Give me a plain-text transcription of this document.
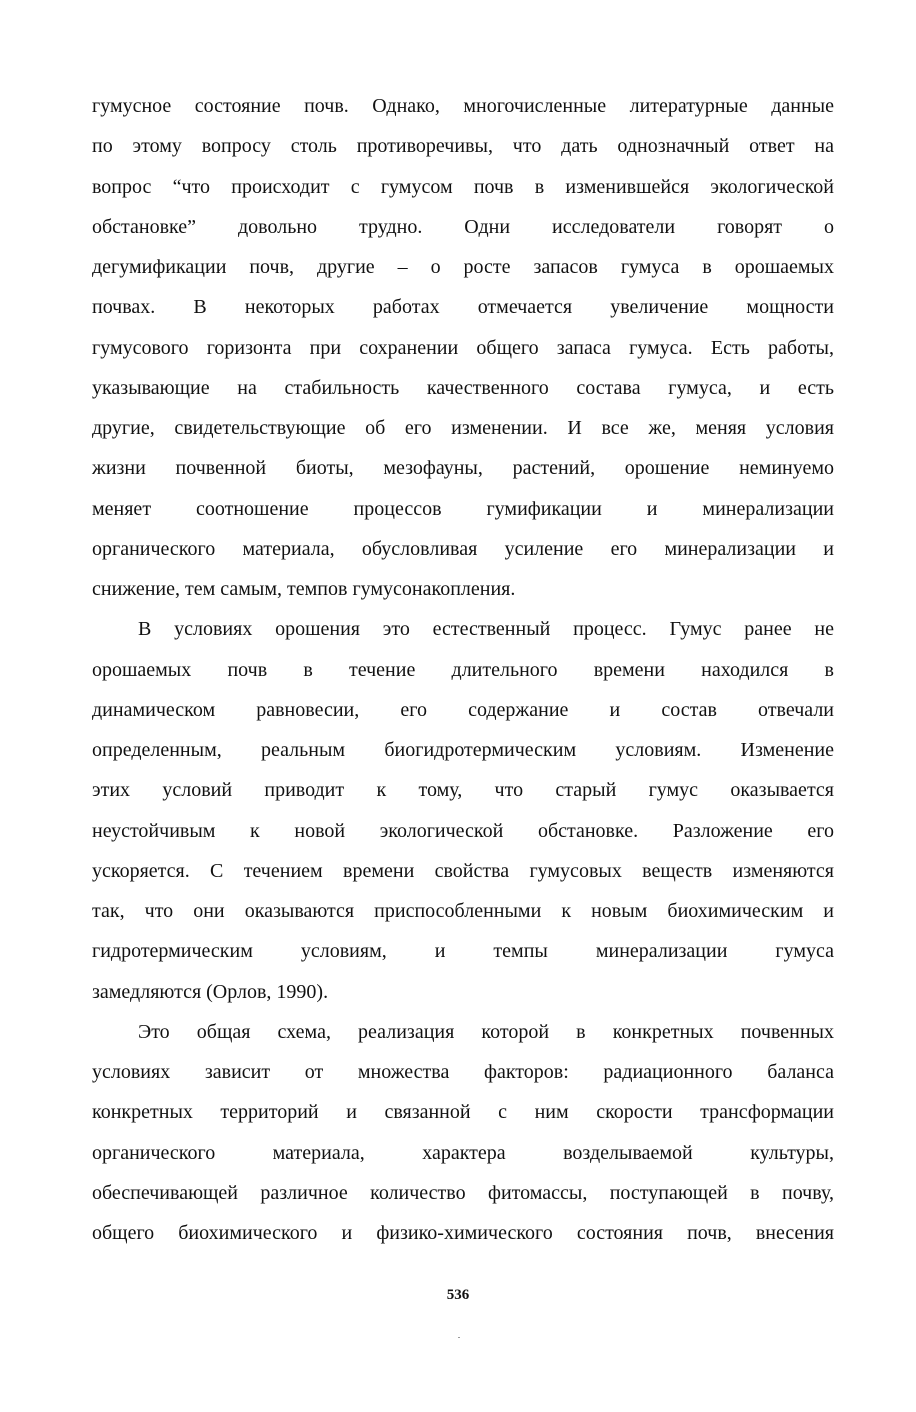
гумусное состояние почв. Однако, многочисленные литературные данные
по этому вопросу столь противоречивы, что дать однозначный ответ на
вопрос “что происходит с гумусом почв в изменившейся экологической
обстановке” довольно трудно. Одни исследователи говорят о
дегумификации почв, другие – о росте запасов гумуса в орошаемых
почвах. В некоторых работах отмечается увеличение мощности
гумусового горизонта при сохранении общего запаса гумуса. Есть работы,
указывающие на стабильность качественного состава гумуса, и есть
другие, свидетельствующие об его изменении. И все же, меняя условия
жизни почвенной биоты, мезофауны, растений, орошение неминуемо
меняет соотношение процессов гумификации и минерализации
органического материала, обусловливая усиление его минерализации и
снижение, тем самым, темпов гумусонакопления.

В условиях орошения это естественный процесс. Гумус ранее не
орошаемых почв в течение длительного времени находился в
динамическом равновесии, его содержание и состав отвечали
определенным, реальным биогидротермическим условиям. Изменение
этих условий приводит к тому, что старый гумус оказывается
неустойчивым к новой экологической обстановке. Разложение его
ускоряется. С течением времени свойства гумусовых веществ изменяются
так, что они оказываются приспособленными к новым биохимическим и
гидротермическим условиям, и темпы минерализации гумуса
замедляются (Орлов, 1990).

Это общая схема, реализация которой в конкретных почвенных
условиях зависит от множества факторов: радиационного баланса
конкретных территорий и связанной с ним скорости трансформации
органического материала, характера возделываемой культуры,
обеспечивающей различное количество фитомассы, поступающей в почву,
общего биохимического и физико-химического состояния почв, внесения

536
